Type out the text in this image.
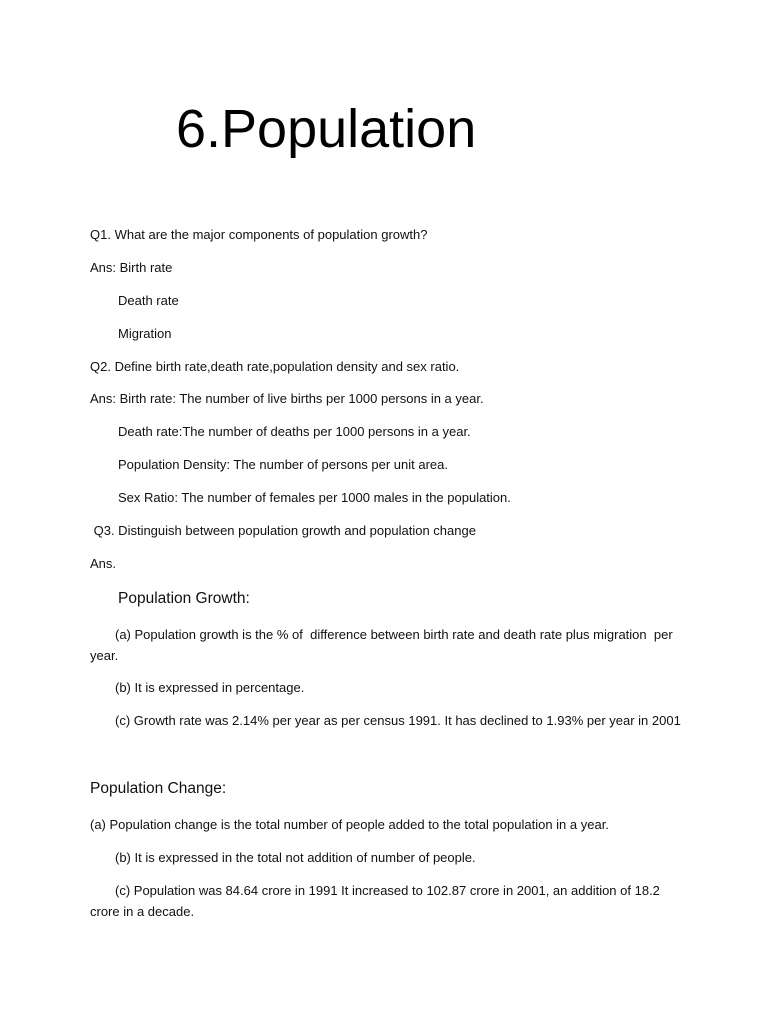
6.Population
Q1. What are the major components of population growth?
Ans: Birth rate
Death rate
Migration
Q2. Define birth rate,death rate,population density and sex ratio.
Ans: Birth rate: The number of live births per 1000 persons in a year.
Death rate:The number of deaths per 1000 persons in a year.
Population Density: The number of persons per unit area.
Sex Ratio: The number of females per 1000 males in the population.
Q3. Distinguish between population growth and population change
Ans.
Population Growth:
(a) Population growth is the % of  difference between birth rate and death rate plus migration  per
year.
(b) It is expressed in percentage.
(c) Growth rate was 2.14% per year as per census 1991. It has declined to 1.93% per year in 2001
Population Change:
(a) Population change is the total number of people added to the total population in a year.
(b) It is expressed in the total not addition of number of people.
(c) Population was 84.64 crore in 1991 It increased to 102.87 crore in 2001, an addition of 18.2
crore in a decade.
